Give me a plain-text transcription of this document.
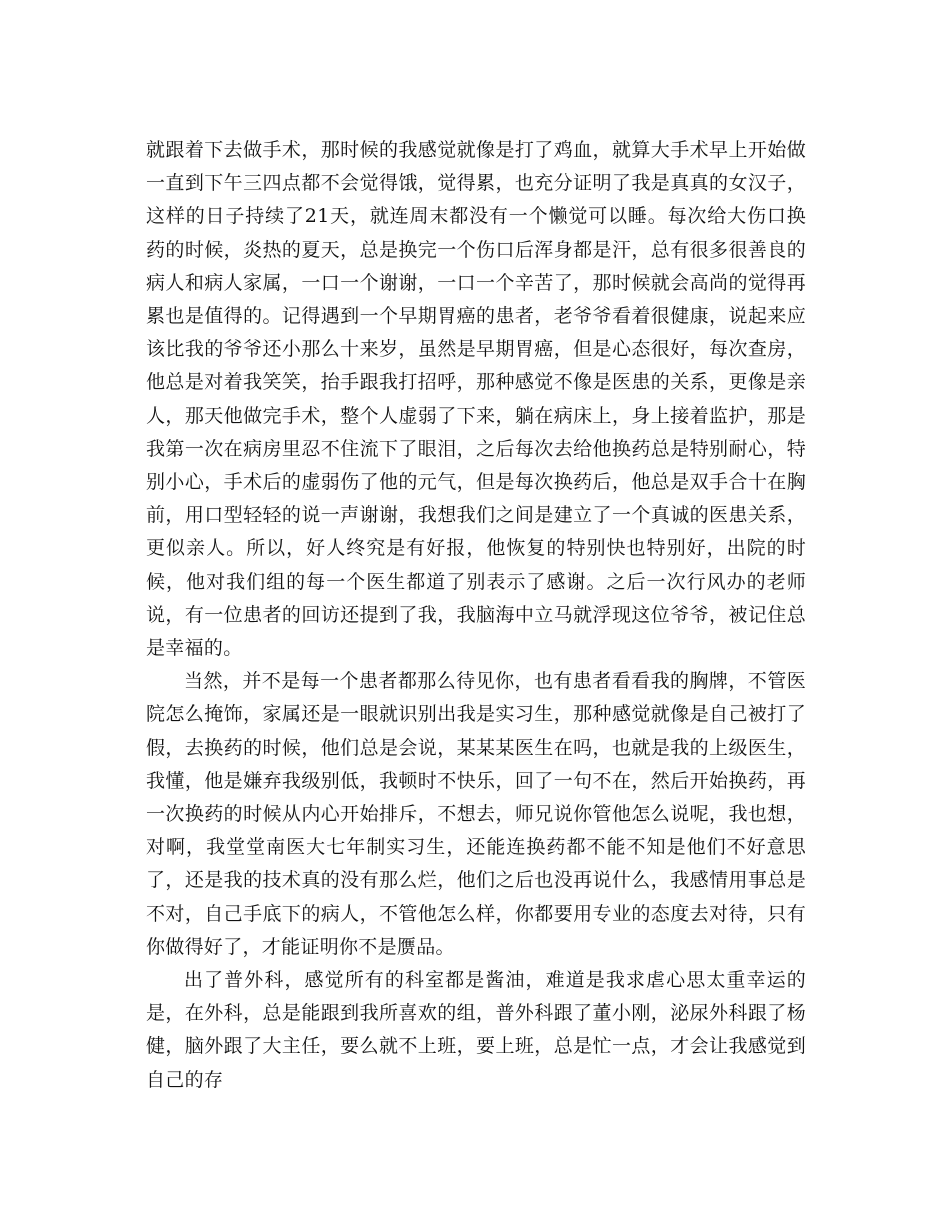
就跟着下去做手术，那时候的我感觉就像是打了鸡血，就算大手术早上开始做一直到下午三四点都不会觉得饿，觉得累，也充分证明了我是真真的女汉子，这样的日子持续了21天，就连周末都没有一个懒觉可以睡。每次给大伤口换药的时候，炎热的夏天，总是换完一个伤口后浑身都是汗，总有很多很善良的病人和病人家属，一口一个谢谢，一口一个辛苦了，那时候就会高尚的觉得再累也是值得的。记得遇到一个早期胃癌的患者，老爷爷看着很健康，说起来应该比我的爷爷还小那么十来岁，虽然是早期胃癌，但是心态很好，每次查房，他总是对着我笑笑，抬手跟我打招呼，那种感觉不像是医患的关系，更像是亲人，那天他做完手术，整个人虚弱了下来，躺在病床上，身上接着监护，那是我第一次在病房里忍不住流下了眼泪，之后每次去给他换药总是特别耐心，特别小心，手术后的虚弱伤了他的元气，但是每次换药后，他总是双手合十在胸前，用口型轻轻的说一声谢谢，我想我们之间是建立了一个真诚的医患关系，更似亲人。所以，好人终究是有好报，他恢复的特别快也特别好，出院的时候，他对我们组的每一个医生都道了别表示了感谢。之后一次行风办的老师说，有一位患者的回访还提到了我，我脑海中立马就浮现这位爷爷，被记住总是幸福的。

当然，并不是每一个患者都那么待见你，也有患者看看我的胸牌，不管医院怎么掩饰，家属还是一眼就识别出我是实习生，那种感觉就像是自己被打了假，去换药的时候，他们总是会说，某某某医生在吗，也就是我的上级医生，我懂，他是嫌弃我级别低，我顿时不快乐，回了一句不在，然后开始换药，再一次换药的时候从内心开始排斥，不想去，师兄说你管他怎么说呢，我也想，对啊，我堂堂南医大七年制实习生，还能连换药都不能不知是他们不好意思了，还是我的技术真的没有那么烂，他们之后也没再说什么，我感情用事总是不对，自己手底下的病人，不管他怎么样，你都要用专业的态度去对待，只有你做得好了，才能证明你不是赝品。

出了普外科，感觉所有的科室都是酱油，难道是我求虐心思太重幸运的是，在外科，总是能跟到我所喜欢的组，普外科跟了董小刚，泌尿外科跟了杨健，脑外跟了大主任，要么就不上班，要上班，总是忙一点，才会让我感觉到自己的存
